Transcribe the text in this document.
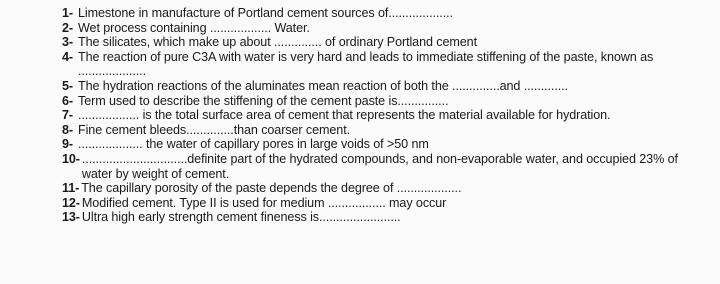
1- Limestone in manufacture of Portland cement sources of...................
2- Wet process containing .................. Water.
3- The silicates, which make up about .............. of ordinary Portland cement
4- The reaction of pure C3A with water is very hard and leads to immediate stiffening of the paste, known as ....................
5- The hydration reactions of the aluminates mean reaction of both the ..............and .............
6- Term used to describe the stiffening of the cement paste is...............
7- .................. is the total surface area of cement that represents the material available for hydration.
8- Fine cement bleeds..............than coarser cement.
9- ................... the water of capillary pores in large voids of >50 nm
10- ...............................definite part of the hydrated compounds, and non-evaporable water, and occupied 23% of water by weight of cement.
11- The capillary porosity of the paste depends the degree of ...................
12- Modified cement. Type II is used for medium ................. may occur
13- Ultra high early strength cement fineness is........................
